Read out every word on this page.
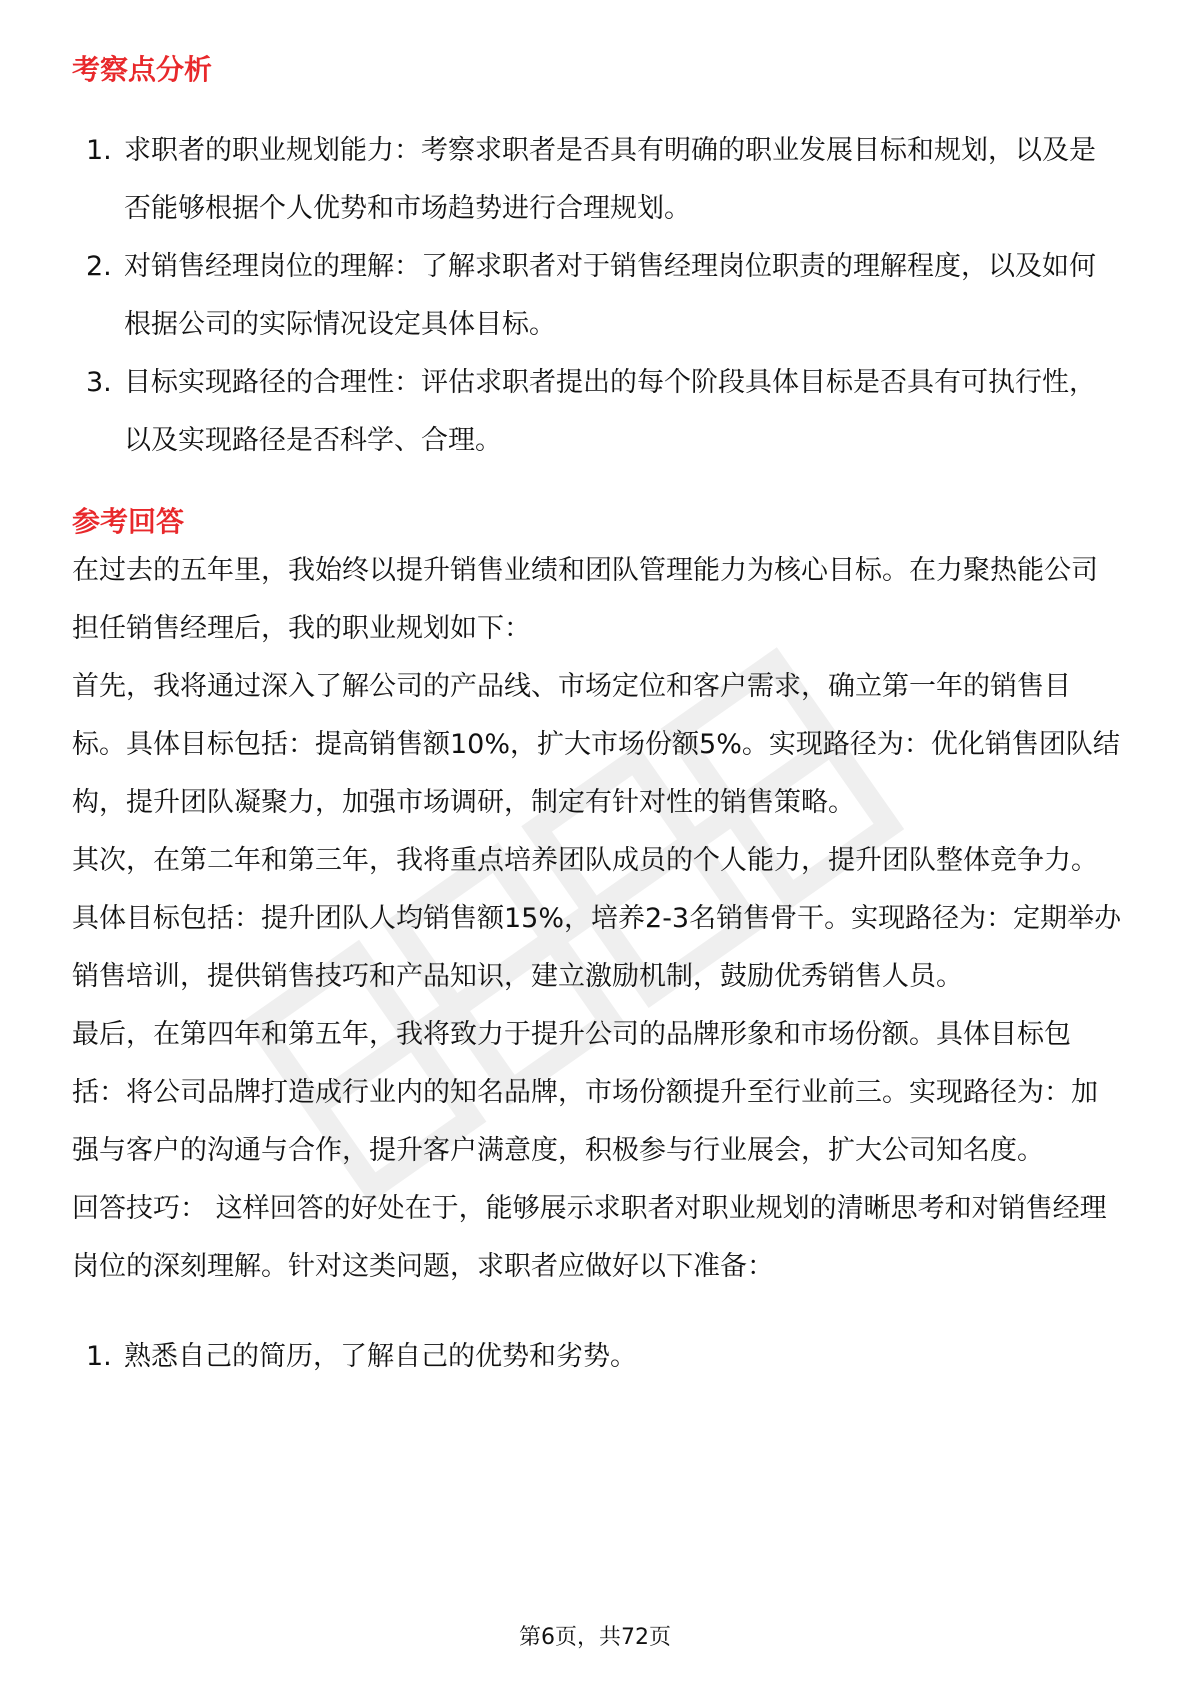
考察点分析
1. 求职者的职业规划能力：考察求职者是否具有明确的职业发展目标和规划，以及是否能够根据个人优势和市场趋势进行合理规划。
2. 对销售经理岗位的理解：了解求职者对于销售经理岗位职责的理解程度，以及如何根据公司的实际情况设定具体目标。
3. 目标实现路径的合理性：评估求职者提出的每个阶段具体目标是否具有可执行性，以及实现路径是否科学、合理。
参考回答

在过去的五年里，我始终以提升销售业绩和团队管理能力为核心目标。在力聚热能公司担任销售经理后，我的职业规划如下：

首先，我将通过深入了解公司的产品线、市场定位和客户需求，确立第一年的销售目标。具体目标包括：提高销售额10%，扩大市场份额5%。实现路径为：优化销售团队结构，提升团队凝聚力，加强市场调研，制定有针对性的销售策略。

其次，在第二年和第三年，我将重点培养团队成员的个人能力，提升团队整体竞争力。具体目标包括：提升团队人均销售额15%，培养2-3名销售骨干。实现路径为：定期举办销售培训，提供销售技巧和产品知识，建立激励机制，鼓励优秀销售人员。

最后，在第四年和第五年，我将致力于提升公司的品牌形象和市场份额。具体目标包括：将公司品牌打造成行业内的知名品牌，市场份额提升至行业前三。实现路径为：加强与客户的沟通与合作，提升客户满意度，积极参与行业展会，扩大公司知名度。

回答技巧： 这样回答的好处在于，能够展示求职者对职业规划的清晰思考和对销售经理岗位的深刻理解。针对这类问题，求职者应做好以下准备：

1. 熟悉自己的简历，了解自己的优势和劣势。
第6页，共72页
